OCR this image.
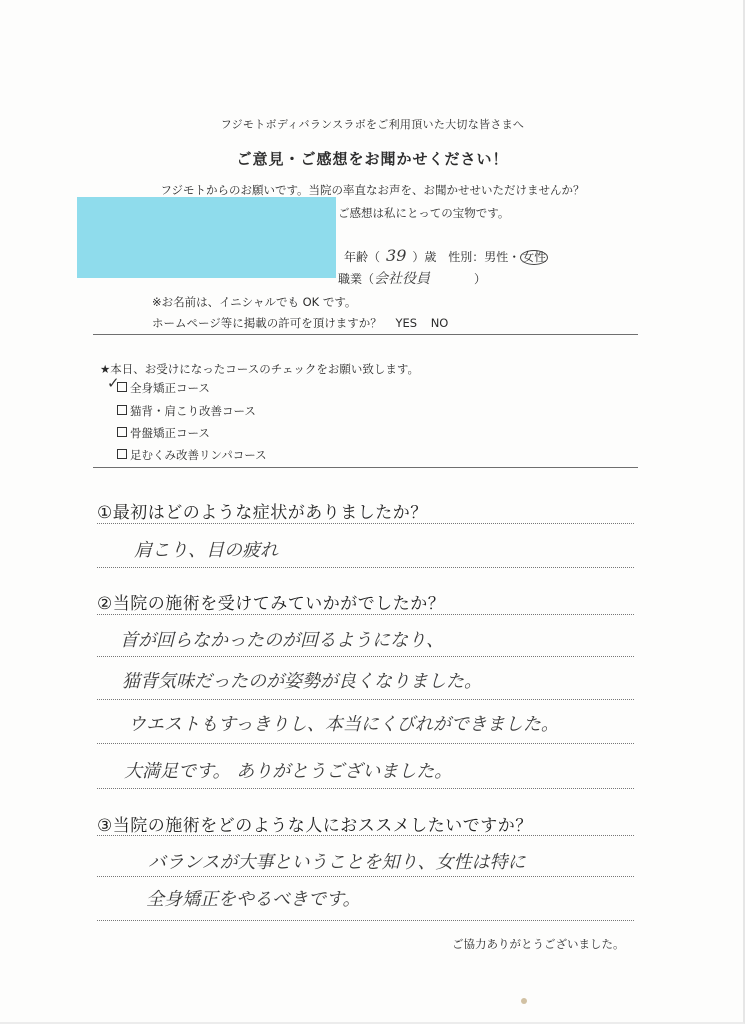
フジモトボディバランスラボをご利用頂いた大切な皆さまへ
ご意見・ご感想をお聞かせください！
フジモトからのお願いです。当院の率直なお声を、お聞かせせいただけませんか？
ご感想は私にとっての宝物です。
年齢（ 39 ）歳 性別：男性・ 女性
職業（会社役員	）
※お名前は、イニシャルでも OK です。
ホームページ等に掲載の許可を頂けますか？ YES NO
★本日、お受けになったコースのチェックをお願い致します。
✓ 全身矯正コース
猫背・肩こり改善コース
骨盤矯正コース
足むくみ改善リンパコース
①最初はどのような症状がありましたか？
肩こり、目の疲れ
②当院の施術を受けてみていかがでしたか？
首が回らなかったのが回るようになり、
猫背気味だったのが姿勢が良くなりました。
ウエストもすっきりし、本当にくびれができました。
大満足です。 ありがとうございました。
③当院の施術をどのような人におススメしたいですか？
バランスが大事ということを知り、女性は特に
全身矯正をやるべきです。
ご協力ありがとうございました。
